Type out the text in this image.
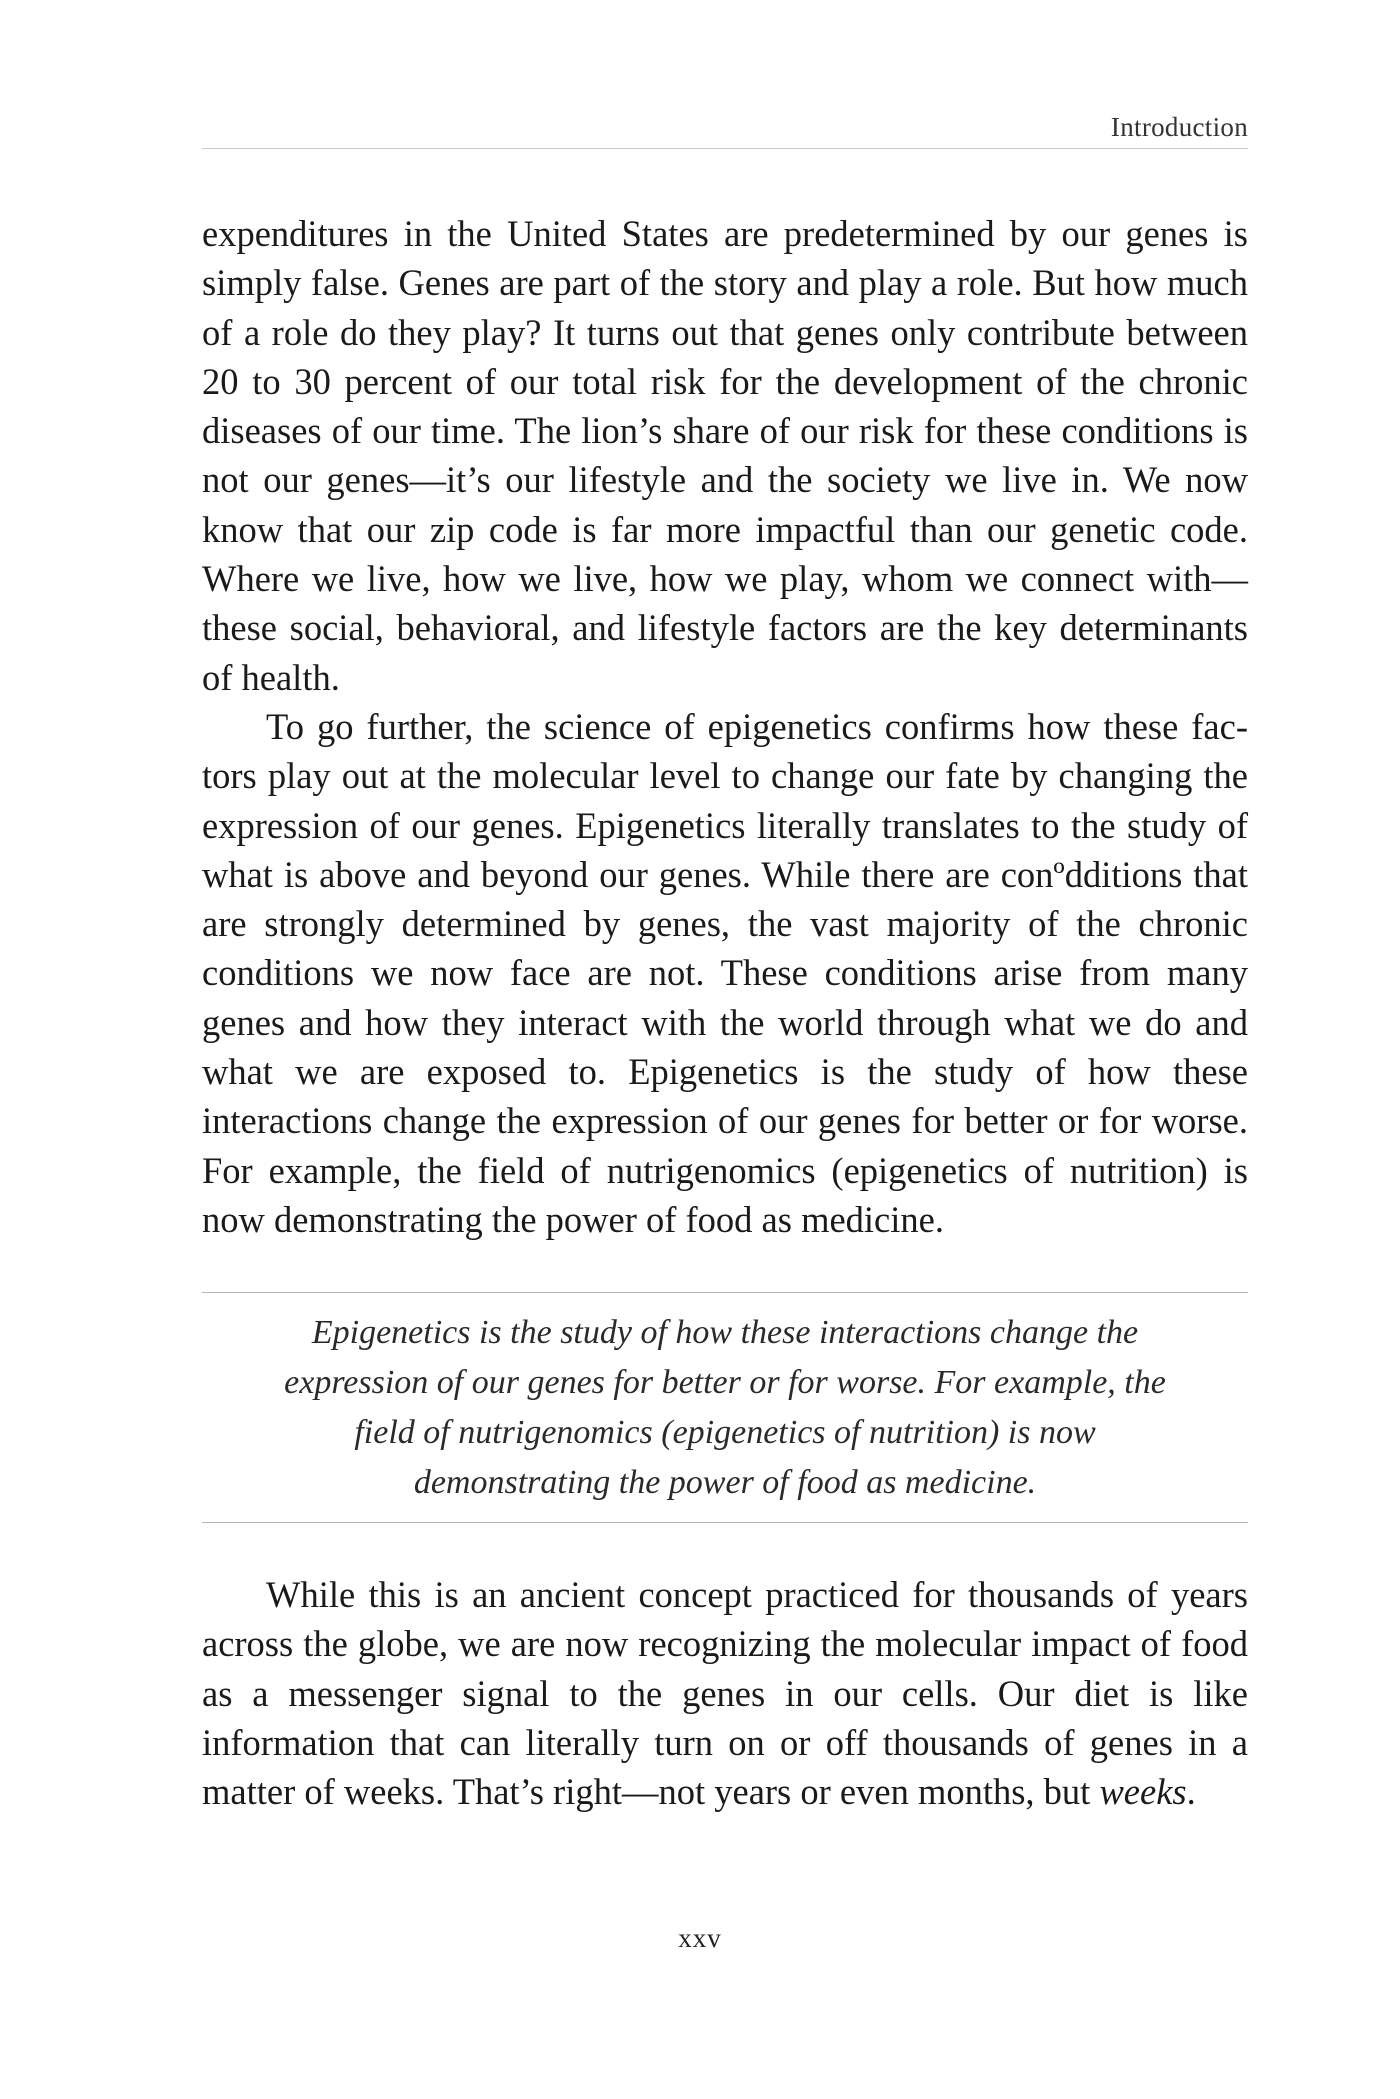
Introduction

expenditures in the United States are predetermined by our genes is simply false. Genes are part of the story and play a role. But how much of a role do they play? It turns out that genes only contribute between 20 to 30 percent of our total risk for the development of the chronic diseases of our time. The lion’s share of our risk for these conditions is not our genes—it’s our lifestyle and the society we live in. We now know that our zip code is far more impactful than our genetic code. Where we live, how we live, how we play, whom we connect with—these social, behavioral, and lifestyle factors are the key determinants of health.

To go further, the science of epigenetics confirms how these factors play out at the molecular level to change our fate by changing the expression of our genes. Epigenetics literally translates to the study of what is above and beyond our genes. While there are conºdditions that are strongly determined by genes, the vast majority of the chronic conditions we now face are not. These conditions arise from many genes and how they interact with the world through what we do and what we are exposed to. Epigenetics is the study of how these interactions change the expression of our genes for better or for worse. For example, the field of nutrigenomics (epigenetics of nutrition) is now demonstrating the power of food as medicine.

Epigenetics is the study of how these interactions change the expression of our genes for better or for worse. For example, the field of nutrigenomics (epigenetics of nutrition) is now demonstrating the power of food as medicine.

While this is an ancient concept practiced for thousands of years across the globe, we are now recognizing the molecular impact of food as a messenger signal to the genes in our cells. Our diet is like information that can literally turn on or off thousands of genes in a matter of weeks. That’s right—not years or even months, but weeks.

xxv
